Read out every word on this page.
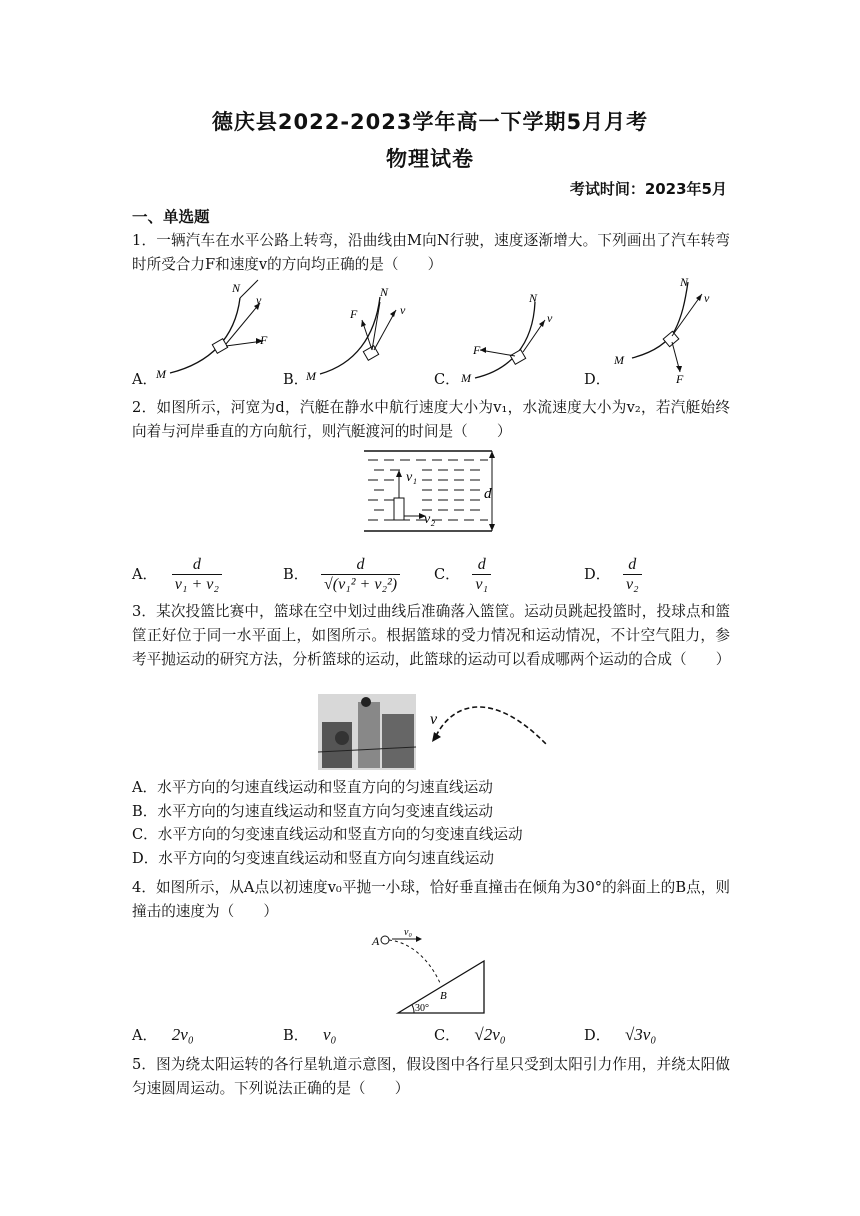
德庆县2022-2023学年高一下学期5月月考
物理试卷
考试时间：2023年5月
一、单选题
1．一辆汽车在水平公路上转弯，沿曲线由M向N行驶，速度逐渐增大。下列画出了汽车转弯时所受合力F和速度v的方向均正确的是（　　）
A．	B．	C．	D．
M
N
v
F
M
N
v
F
M
N
v
F
M
N
v
F
2．如图所示，河宽为d，汽艇在静水中航行速度大小为v₁，水流速度大小为v₂，若汽艇始终向着与河岸垂直的方向航行，则汽艇渡河的时间是（　　）
v₁
v₂
d
A． $\frac{d}{\text{v₁ + v₂}}$	B． $\frac{d}{\text{√(v₁² + v₂²)}}$ C． $\frac{d}{\text{v₁}}$	D． $\frac{d}{\text{v₂}}$
3．某次投篮比赛中，篮球在空中划过曲线后准确落入篮筐。运动员跳起投篮时，投球点和篮筐正好位于同一水平面上，如图所示。根据篮球的受力情况和运动情况，不计空气阻力，参考平抛运动的研究方法，分析篮球的运动，此篮球的运动可以看成哪两个运动的合成（　　）
v
A．水平方向的匀速直线运动和竖直方向的匀速直线运动
B．水平方向的匀速直线运动和竖直方向匀变速直线运动
C．水平方向的匀变速直线运动和竖直方向的匀变速直线运动
D．水平方向的匀变速直线运动和竖直方向匀速直线运动
4．如图所示，从A点以初速度v₀平抛一小球，恰好垂直撞击在倾角为30°的斜面上的B点，则撞击的速度为（　　）
A
v₀
30°
B
A． 2v₀	B． v₀	C． √2v₀	D． √3v₀
5．图为绕太阳运转的各行星轨道示意图，假设图中各行星只受到太阳引力作用，并绕太阳做匀速圆周运动。下列说法正确的是（　　）
